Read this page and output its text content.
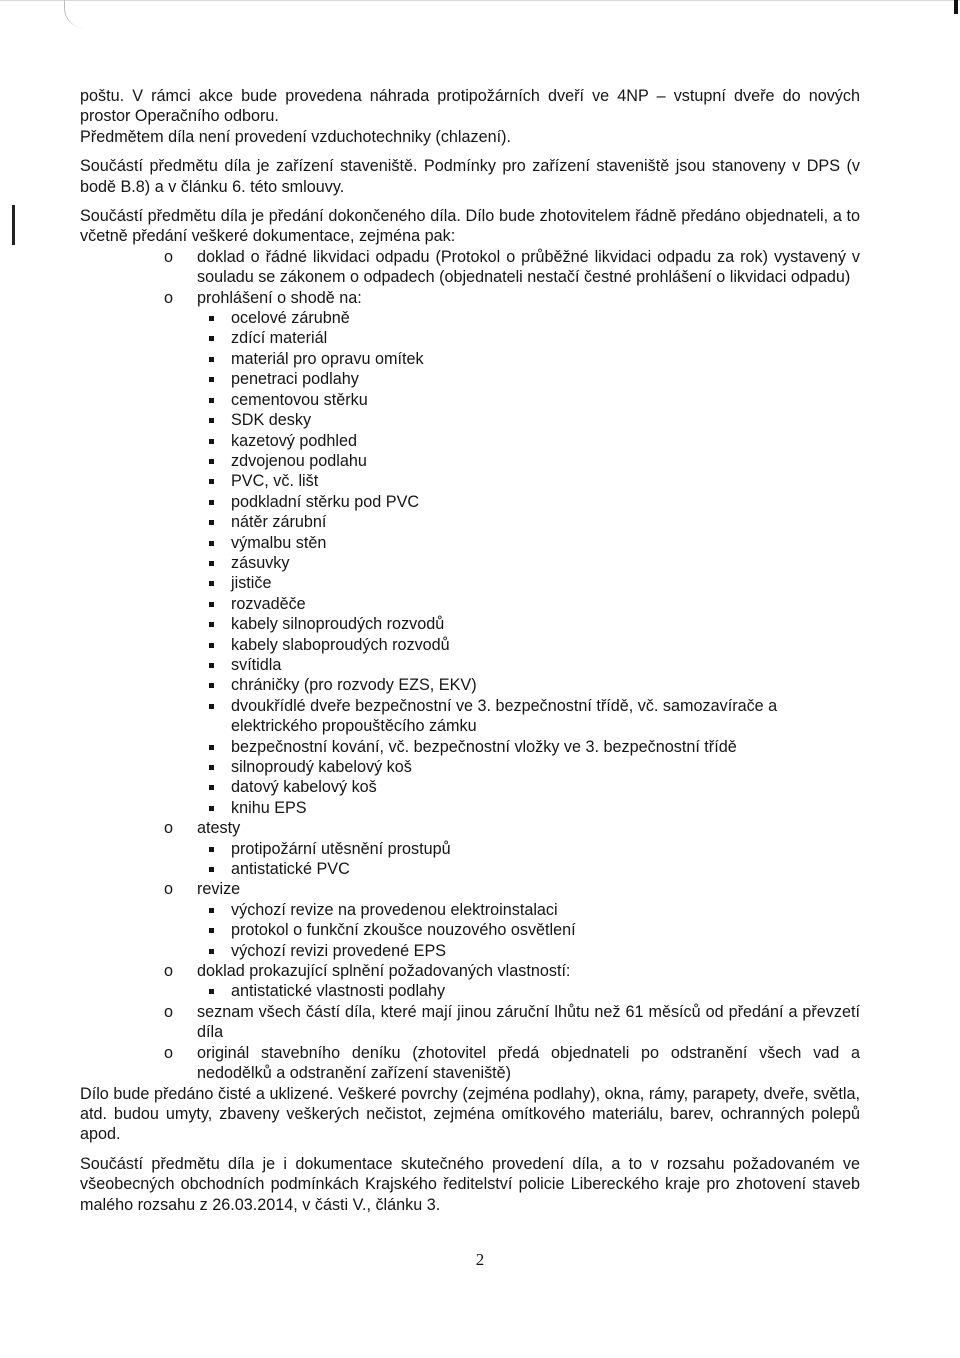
poštu. V rámci akce bude provedena náhrada protipožárních dveří ve 4NP – vstupní dveře do nových prostor Operačního odboru.

Předmětem díla není provedení vzduchotechniky (chlazení).

Součástí předmětu díla je zařízení staveniště. Podmínky pro zařízení staveniště jsou stanoveny v DPS (v bodě B.8) a v článku 6. této smlouvy.

Součástí předmětu díla je předání dokončeného díla. Dílo bude zhotovitelem řádně předáno objednateli, a to včetně předání veškeré dokumentace, zejména pak:

o doklad o řádné likvidaci odpadu (Protokol o průběžné likvidaci odpadu za rok) vystavený v souladu se zákonem o odpadech (objednateli nestačí čestné prohlášení o likvidaci odpadu)
o prohlášení o shodě na:
ocelové zárubně
zdící materiál
materiál pro opravu omítek
penetraci podlahy
cementovou stěrku
SDK desky
kazetový podhled
zdvojenou podlahu
PVC, vč. lišt
podkladní stěrku pod PVC
nátěr zárubní
výmalbu stěn
zásuvky
jističe
rozvaděče
kabely silnoproudých rozvodů
kabely slaboproudých rozvodů
svítidla
chráničky (pro rozvody EZS, EKV)
dvoukřídlé dveře bezpečnostní ve 3. bezpečnostní třídě, vč. samozavírače a elektrického propouštěcího zámku
bezpečnostní kování, vč. bezpečnostní vložky ve 3. bezpečnostní třídě
silnoproudý kabelový koš
datový kabelový koš
knihu EPS
o atesty
protipožární utěsnění prostupů
antistatické PVC
o revize
výchozí revize na provedenou elektroinstalaci
protokol o funkční zkoušce nouzového osvětlení
výchozí revizi provedené EPS
o doklad prokazující splnění požadovaných vlastností:
antistatické vlastnosti podlahy
o seznam všech částí díla, které mají jinou záruční lhůtu než 61 měsíců od předání a převzetí díla
o originál stavebního deníku (zhotovitel předá objednateli po odstranění všech vad a nedodělků a odstranění zařízení staveniště)

Dílo bude předáno čisté a uklizené. Veškeré povrchy (zejména podlahy), okna, rámy, parapety, dveře, světla, atd. budou umyty, zbaveny veškerých nečistot, zejména omítkového materiálu, barev, ochranných polepů apod.

Součástí předmětu díla je i dokumentace skutečného provedení díla, a to v rozsahu požadovaném ve všeobecných obchodních podmínkách Krajského ředitelství policie Libereckého kraje pro zhotovení staveb malého rozsahu z 26.03.2014, v části V., článku 3.

2
